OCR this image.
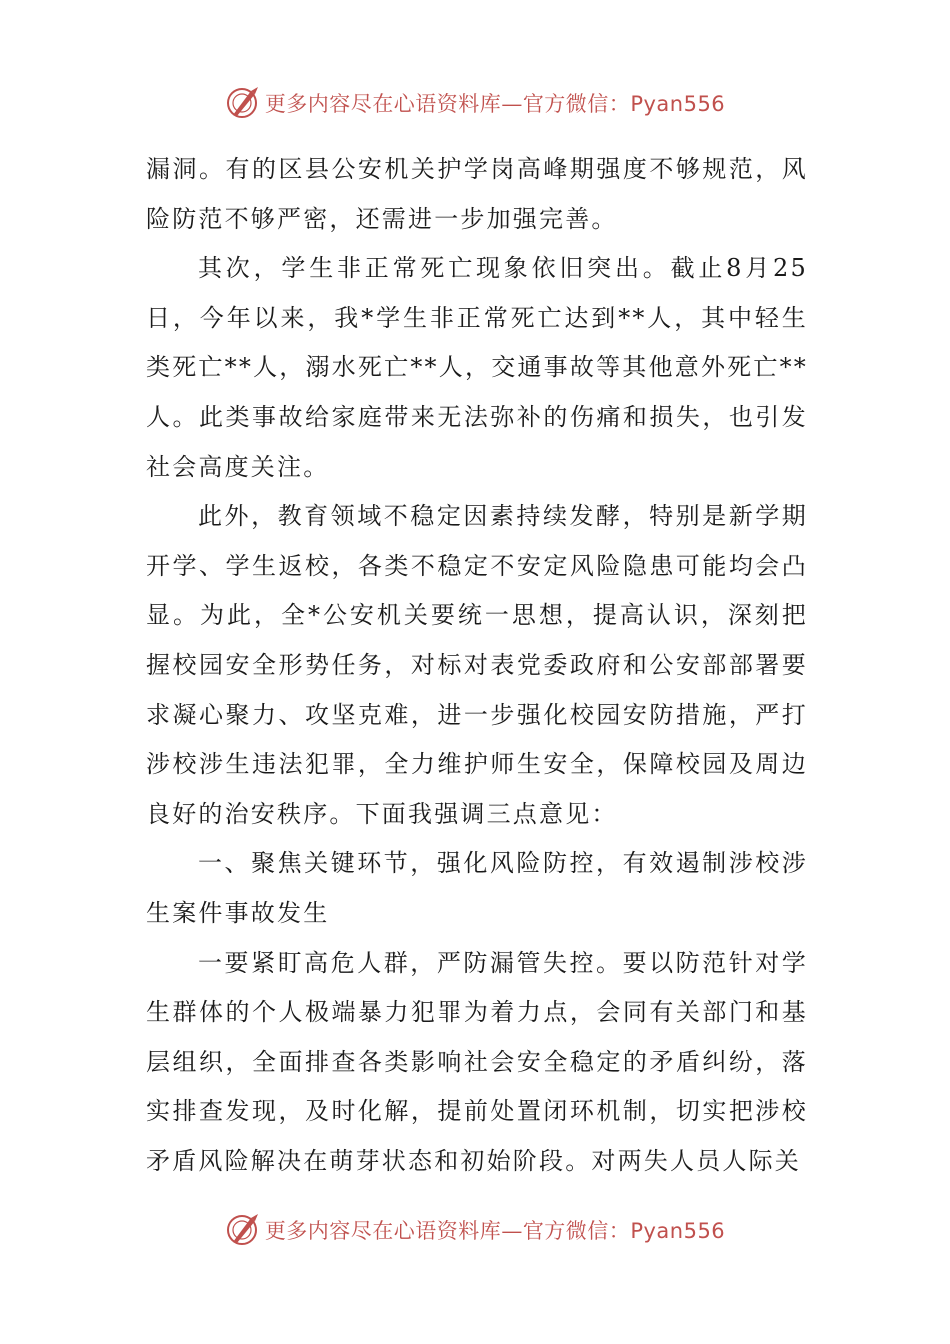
更多内容尽在心语资料库—官方微信：Pyan556

漏洞。有的区县公安机关护学岗高峰期强度不够规范，风险防范不够严密，还需进一步加强完善。

其次，学生非正常死亡现象依旧突出。截止8月25日，今年以来，我*学生非正常死亡达到**人，其中轻生类死亡**人，溺水死亡**人，交通事故等其他意外死亡**人。此类事故给家庭带来无法弥补的伤痛和损失，也引发社会高度关注。

此外，教育领域不稳定因素持续发酵，特别是新学期开学、学生返校，各类不稳定不安定风险隐患可能均会凸显。为此，全*公安机关要统一思想，提高认识，深刻把握校园安全形势任务，对标对表党委政府和公安部部署要求凝心聚力、攻坚克难，进一步强化校园安防措施，严打涉校涉生违法犯罪，全力维护师生安全，保障校园及周边良好的治安秩序。下面我强调三点意见：

一、聚焦关键环节，强化风险防控，有效遏制涉校涉生案件事故发生

一要紧盯高危人群，严防漏管失控。要以防范针对学生群体的个人极端暴力犯罪为着力点，会同有关部门和基层组织，全面排查各类影响社会安全稳定的矛盾纠纷，落实排查发现，及时化解，提前处置闭环机制，切实把涉校矛盾风险解决在萌芽状态和初始阶段。对两失人员人际关

更多内容尽在心语资料库—官方微信：Pyan556
